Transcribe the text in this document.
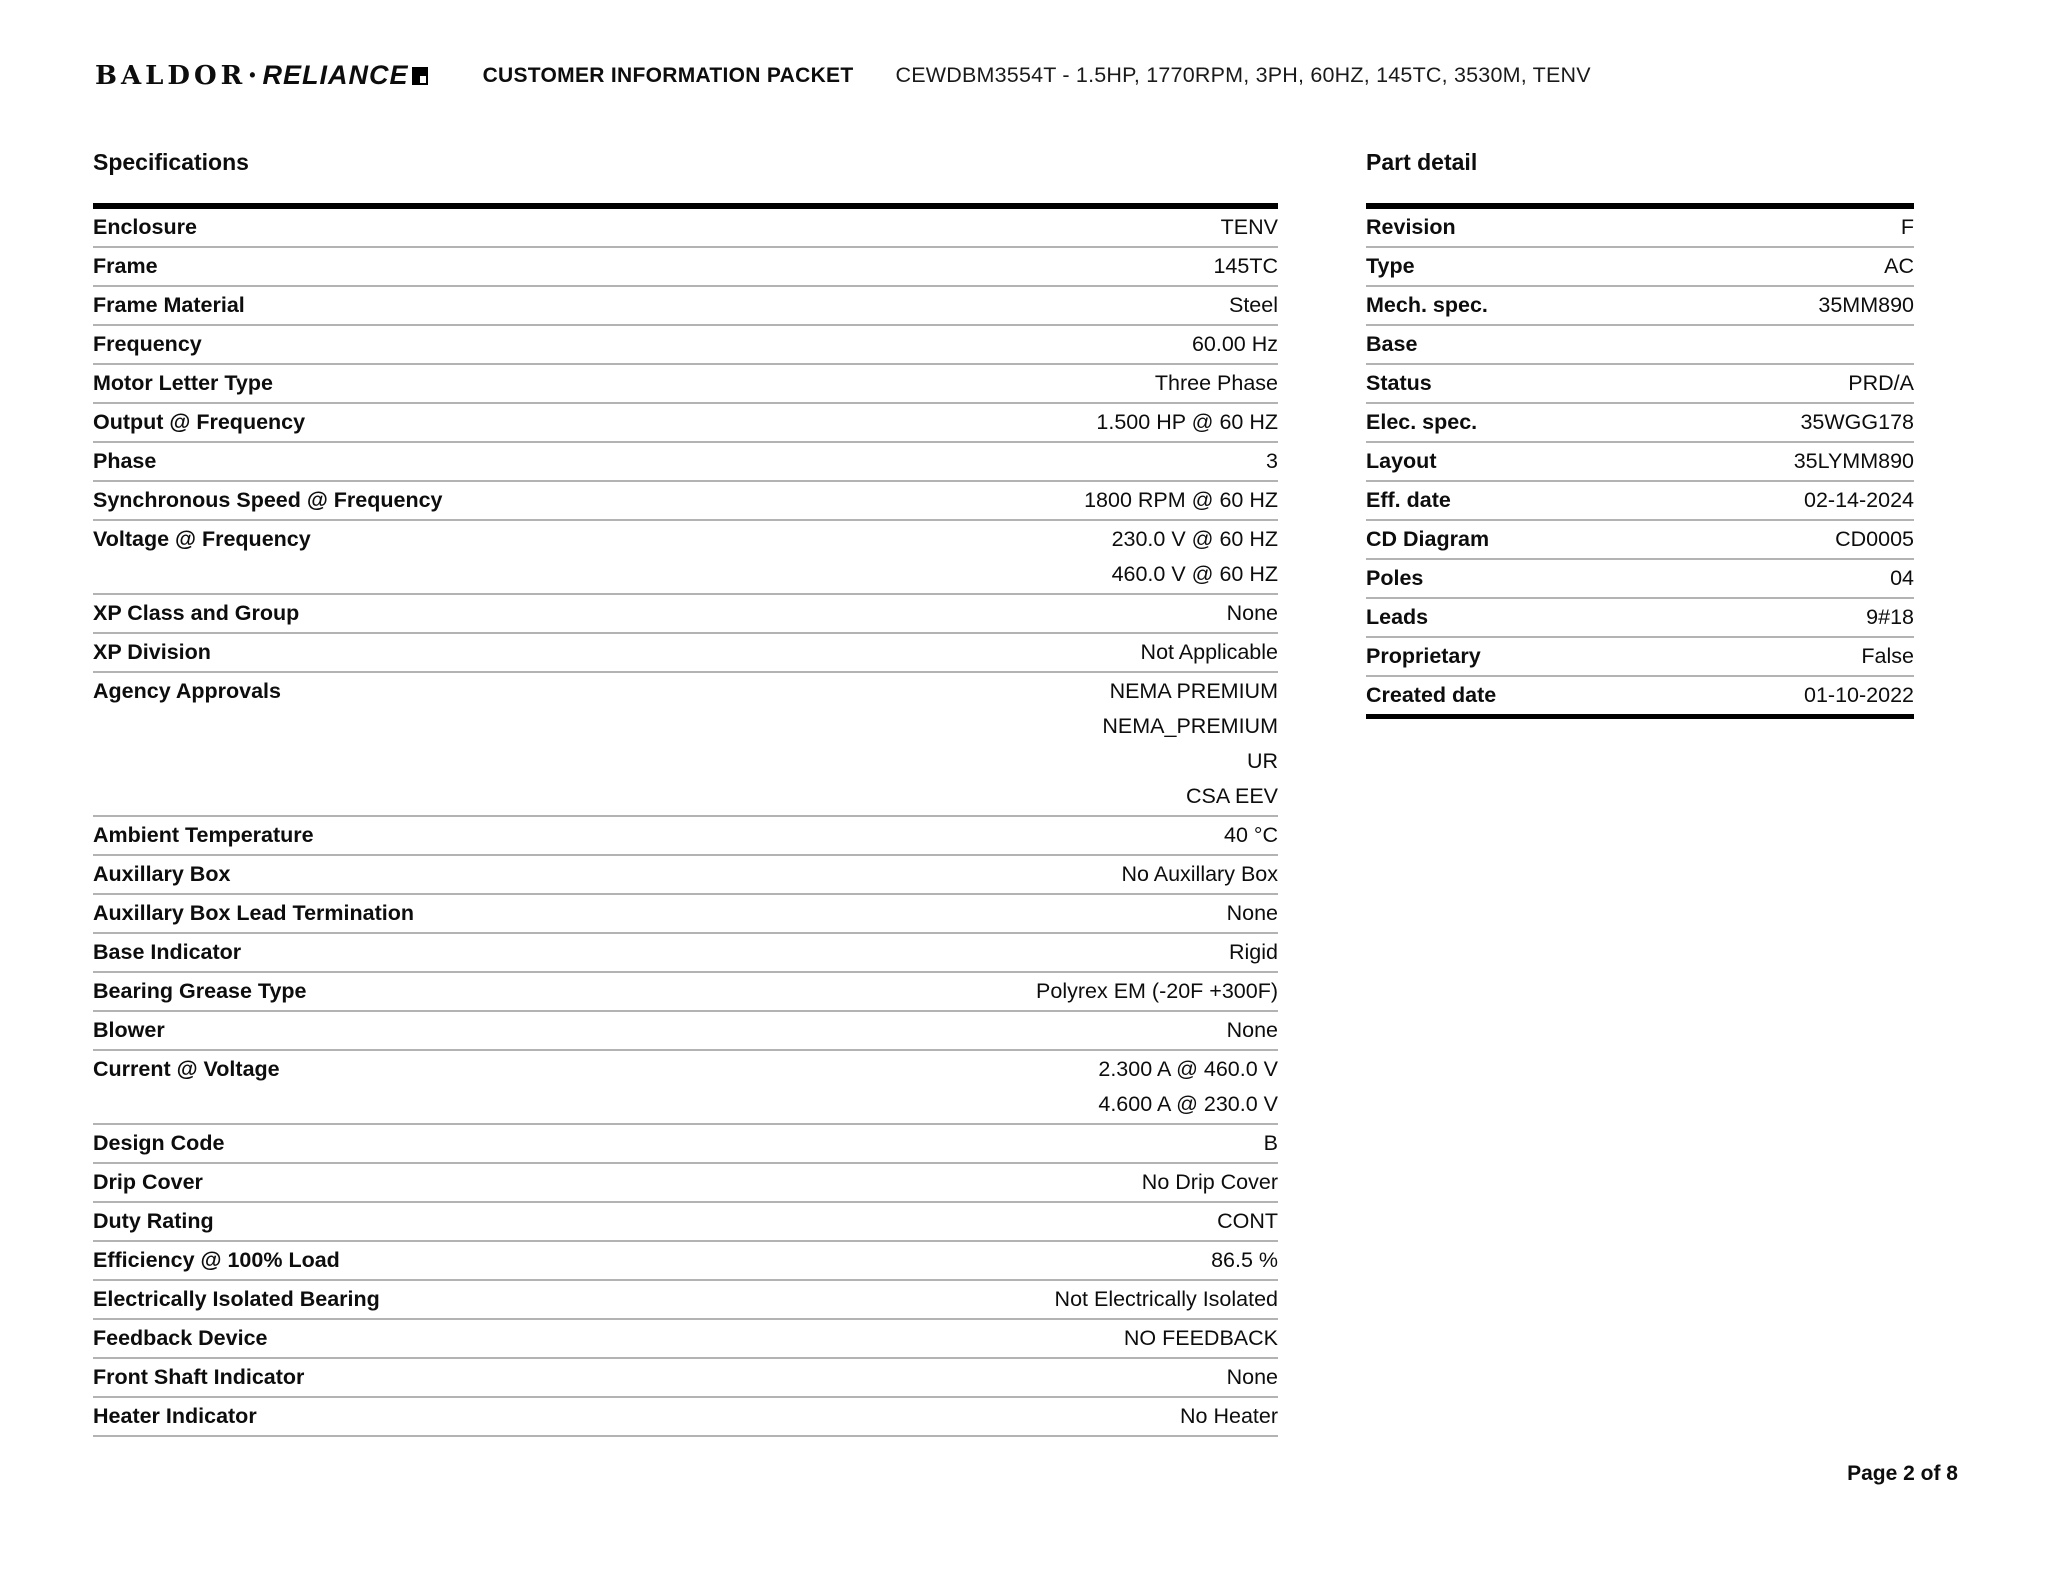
BALDOR • RELIANCE	CUSTOMER INFORMATION PACKET CEWDBM3554T - 1.5HP, 1770RPM, 3PH, 60HZ, 145TC, 3530M, TENV
Specifications
Enclosure	TENV
Frame	145TC
Frame Material	Steel
Frequency	60.00 Hz
Motor Letter Type	Three Phase
Output @ Frequency	1.500 HP @ 60 HZ
Phase	3
Synchronous Speed @ Frequency	1800 RPM @ 60 HZ
Voltage @ Frequency	230.0 V @ 60 HZ
460.0 V @ 60 HZ
XP Class and Group	None
XP Division	Not Applicable
Agency Approvals	NEMA PREMIUM
NEMA_PREMIUM
UR
CSA EEV
Ambient Temperature	40 °C
Auxillary Box	No Auxillary Box
Auxillary Box Lead Termination	None
Base Indicator	Rigid
Bearing Grease Type	Polyrex EM (-20F +300F)
Blower	None
Current @ Voltage	2.300 A @ 460.0 V
4.600 A @ 230.0 V
Design Code	B
Drip Cover	No Drip Cover
Duty Rating	CONT
Efficiency @ 100% Load	86.5 %
Electrically Isolated Bearing	Not Electrically Isolated
Feedback Device	NO FEEDBACK
Front Shaft Indicator	None
Heater Indicator	No Heater
Part detail
Revision	F
Type	AC
Mech. spec.	35MM890
Base
Status	PRD/A
Elec. spec.	35WGG178
Layout	35LYMM890
Eff. date	02-14-2024
CD Diagram	CD0005
Poles	04
Leads	9#18
Proprietary	False
Created date	01-10-2022
Page 2 of 8
